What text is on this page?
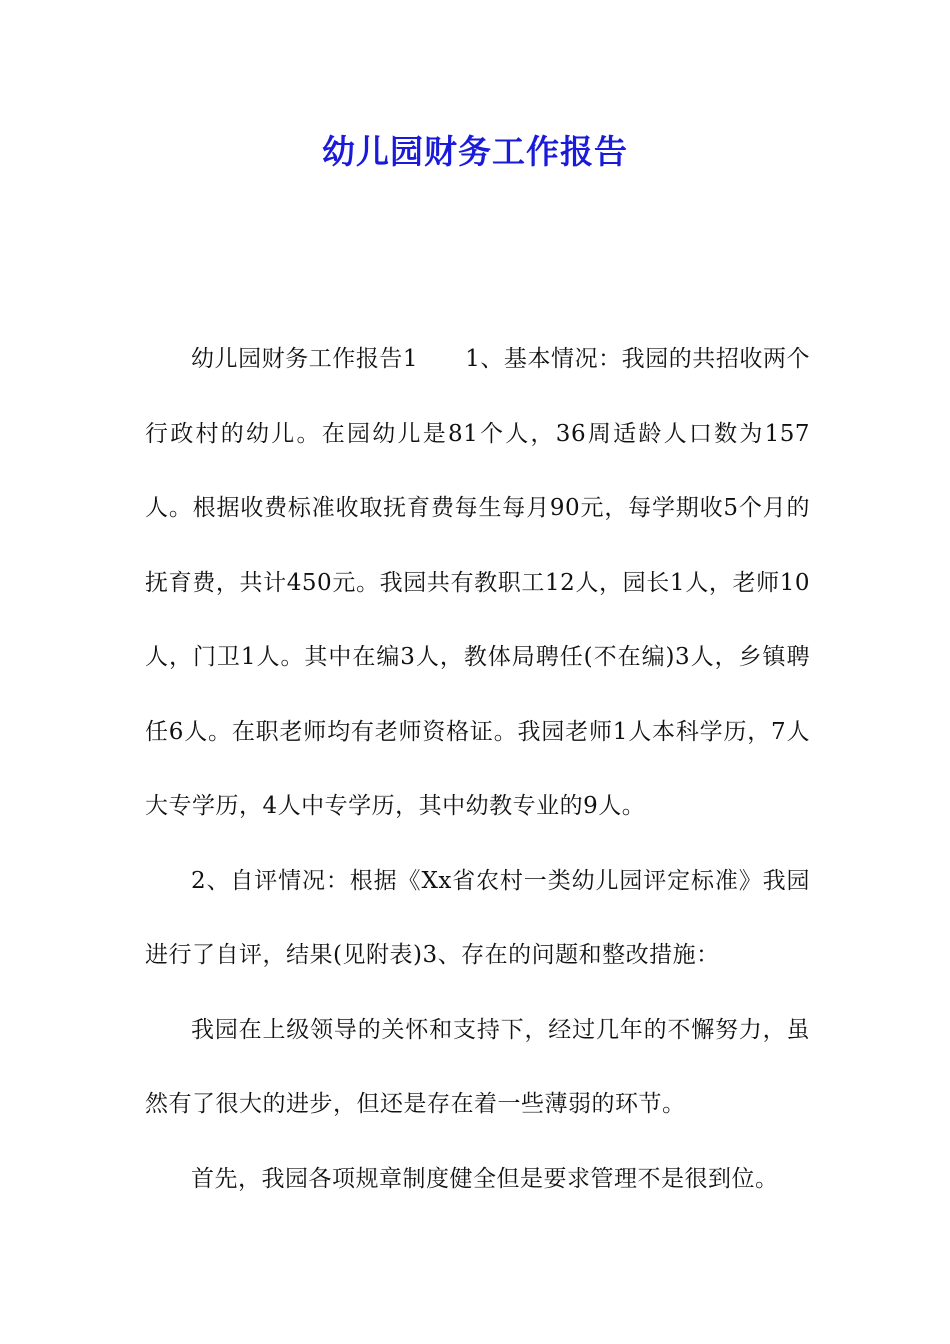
幼儿园财务工作报告

幼儿园财务工作报告1　　1、基本情况：我园的共招收两个行政村的幼儿。在园幼儿是81个人，36周适龄人口数为157人。根据收费标准收取抚育费每生每月90元，每学期收5个月的抚育费，共计450元。我园共有教职工12人，园长1人，老师10人，门卫1人。其中在编3人，教体局聘任(不在编)3人，乡镇聘任6人。在职老师均有老师资格证。我园老师1人本科学历，7人大专学历，4人中专学历，其中幼教专业的9人。

2、自评情况：根据《Xx省农村一类幼儿园评定标准》我园进行了自评，结果(见附表)3、存在的问题和整改措施：

我园在上级领导的关怀和支持下，经过几年的不懈努力，虽然有了很大的进步，但还是存在着一些薄弱的环节。

首先，我园各项规章制度健全但是要求管理不是很到位。
